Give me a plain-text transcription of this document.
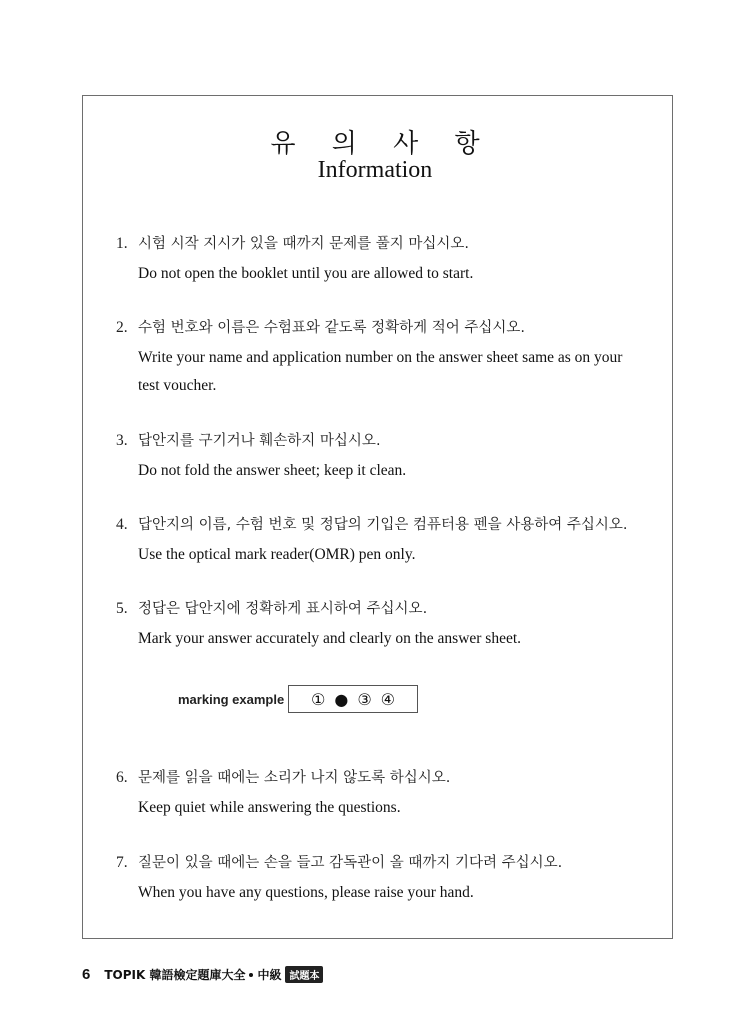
유 의 사 항
Information
1. 시험 시작 지시가 있을 때까지 문제를 풀지 마십시오.
Do not open the booklet until you are allowed to start.
2. 수험 번호와 이름은 수험표와 같도록 정확하게 적어 주십시오.
Write your name and application number on the answer sheet same as on your
test voucher.
3. 답안지를 구기거나 훼손하지 마십시오.
Do not fold the answer sheet; keep it clean.
4. 답안지의 이름, 수험 번호 및 정답의 기입은 컴퓨터용 펜을 사용하여 주십시오.
Use the optical mark reader(OMR) pen only.
5. 정답은 답안지에 정확하게 표시하여 주십시오.
Mark your answer accurately and clearly on the answer sheet.
marking example ① ● ③ ④
6. 문제를 읽을 때에는 소리가 나지 않도록 하십시오.
Keep quiet while answering the questions.
7. 질문이 있을 때에는 손을 들고 감독관이 올 때까지 기다려 주십시오.
When you have any questions, please raise your hand.
6 TOPIK 韓語檢定題庫大全 中級 試題本
